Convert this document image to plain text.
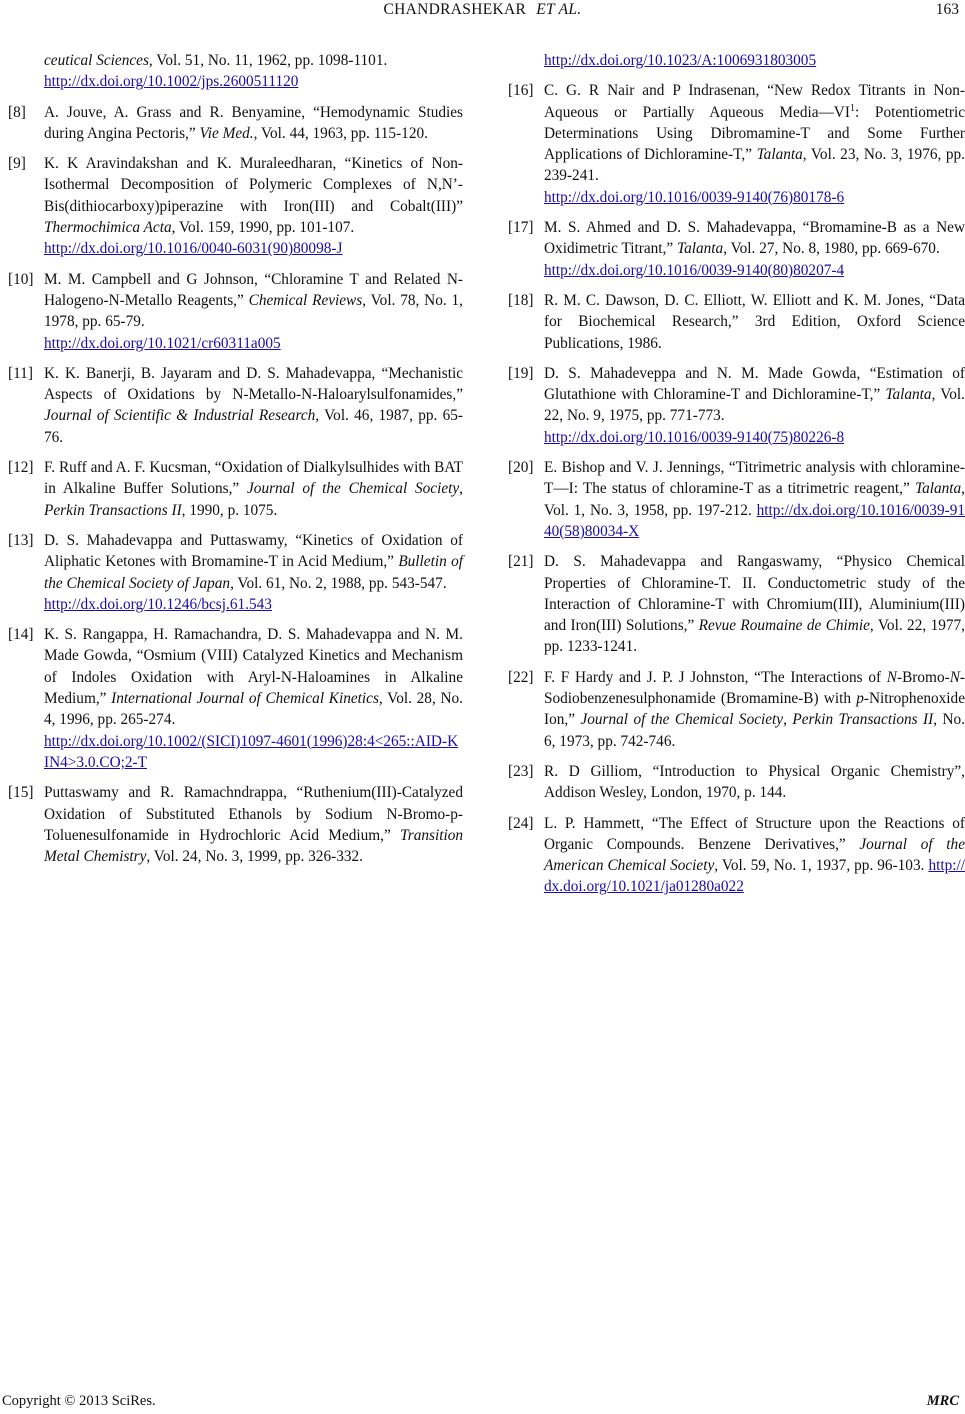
CHANDRASHEKAR ET AL.	163
ceutical Sciences, Vol. 51, No. 11, 1962, pp. 1098-1101.
http://dx.doi.org/10.1002/jps.2600511120
[8]	A. Jouve, A. Grass and R. Benyamine, “Hemodynamic Studies during Angina Pectoris,” Vie Med., Vol. 44, 1963, pp. 115-120.
[9]	K. K Aravindakshan and K. Muraleedharan, “Kinetics of Non-Isothermal Decomposition of Polymeric Complexes of N,N’-Bis(dithiocarboxy)piperazine with Iron(III) and Cobalt(III)” Thermochimica Acta, Vol. 159, 1990, pp. 101-107.
http://dx.doi.org/10.1016/0040-6031(90)80098-J
[10] M. M. Campbell and G Johnson, “Chloramine T and Related N-Halogeno-N-Metallo Reagents,” Chemical Reviews, Vol. 78, No. 1, 1978, pp. 65-79.
http://dx.doi.org/10.1021/cr60311a005
[11] K. K. Banerji, B. Jayaram and D. S. Mahadevappa, “Mechanistic Aspects of Oxidations by N-Metallo-N-Haloarylsulfonamides,” Journal of Scientific & Industrial Research, Vol. 46, 1987, pp. 65-76.
[12] F. Ruff and A. F. Kucsman, “Oxidation of Dialkylsulhides with BAT in Alkaline Buffer Solutions,” Journal of the Chemical Society, Perkin Transactions II, 1990, p. 1075.
[13] D. S. Mahadevappa and Puttaswamy, “Kinetics of Oxidation of Aliphatic Ketones with Bromamine-T in Acid Medium,” Bulletin of the Chemical Society of Japan, Vol. 61, No. 2, 1988, pp. 543-547.
http://dx.doi.org/10.1246/bcsj.61.543
[14] K. S. Rangappa, H. Ramachandra, D. S. Mahadevappa and N. M. Made Gowda, “Osmium (VIII) Catalyzed Kinetics and Mechanism of Indoles Oxidation with Aryl-N-Haloamines in Alkaline Medium,” International Journal of Chemical Kinetics, Vol. 28, No. 4, 1996, pp. 265-274.
http://dx.doi.org/10.1002/(SICI)1097-4601(1996)28:4<265::AID-KIN4>3.0.CO;2-T
[15] Puttaswamy and R. Ramachndrappa, “Ruthenium(III)-Catalyzed Oxidation of Substituted Ethanols by Sodium N-Bromo-p-Toluenesulfonamide in Hydrochloric Acid Medium,” Transition Metal Chemistry, Vol. 24, No. 3, 1999, pp. 326-332.
http://dx.doi.org/10.1023/A:1006931803005
[16] C. G. R Nair and P Indrasenan, “New Redox Titrants in Non-Aqueous or Partially Aqueous $Media—VI^1$: Potentiometric Determinations Using Dibromamine-T and Some Further Applications of Dichloramine-T,” Talanta, Vol. 23, No. 3, 1976, pp. 239-241.
http://dx.doi.org/10.1016/0039-9140(76)80178-6
[17] M. S. Ahmed and D. S. Mahadevappa, “Bromamine-B as a New Oxidimetric Titrant,” Talanta, Vol. 27, No. 8, 1980, pp. 669-670.
http://dx.doi.org/10.1016/0039-9140(80)80207-4
[18] R. M. C. Dawson, D. C. Elliott, W. Elliott and K. M. Jones, “Data for Biochemical Research,” 3rd Edition, Oxford Science Publications, 1986.
[19] D. S. Mahadeveppa and N. M. Made Gowda, “Estimation of Glutathione with Chloramine-T and Dichloramine-T,” Talanta, Vol. 22, No. 9, 1975, pp. 771-773.
http://dx.doi.org/10.1016/0039-9140(75)80226-8
[20] E. Bishop and V. J. Jennings, “Titrimetric analysis with chloramine-T—I: The status of chloramine-T as a titrimetric reagent,” Talanta, Vol. 1, No. 3, 1958, pp. 197-212. http://dx.doi.org/10.1016/0039-9140(58)80034-X
[21] D. S. Mahadevappa and Rangaswamy, “Physico Chemical Properties of Chloramine-T. II. Conductometric study of the Interaction of Chloramine-T with Chromium(III), Aluminium(III) and Iron(III) Solutions,” Revue Roumaine de Chimie, Vol. 22, 1977, pp. 1233-1241.
[22] F. F Hardy and J. P. J Johnston, “The Interactions of N-Bromo-N-Sodiobenzenesulphonamide (Bromamine-B) with p-Nitrophenoxide Ion,” Journal of the Chemical Society, Perkin Transactions II, No. 6, 1973, pp. 742-746.
[23] R. D Gilliom, “Introduction to Physical Organic Chemistry”, Addison Wesley, London, 1970, p. 144.
[24] L. P. Hammett, “The Effect of Structure upon the Reactions of Organic Compounds. Benzene Derivatives,” Journal of the American Chemical Society, Vol. 59, No. 1, 1937, pp. 96-103. http://dx.doi.org/10.1021/ja01280a022
Copyright © 2013 SciRes.	MRC
